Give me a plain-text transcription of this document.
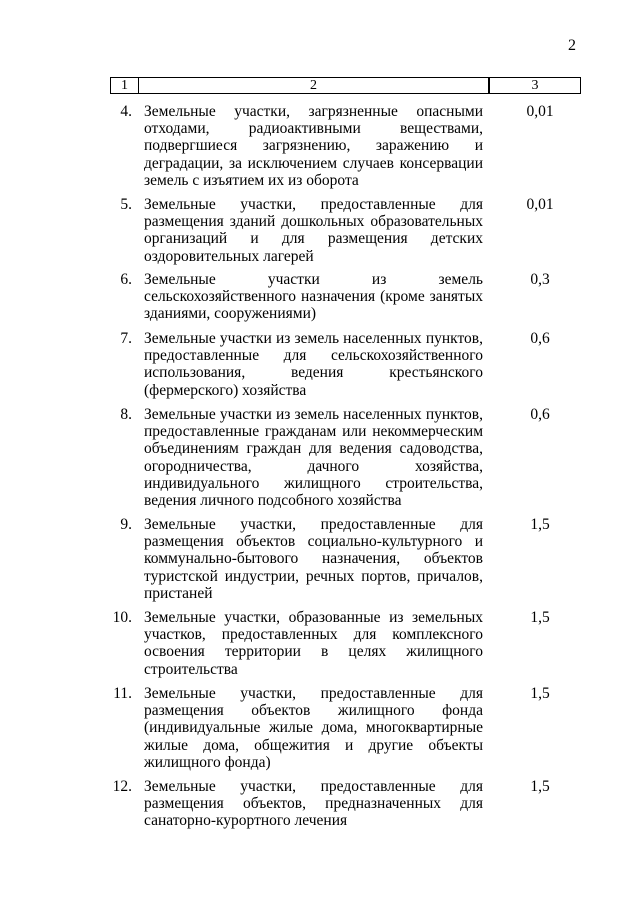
2
1	2	3
4. Земельные участки, загрязненные опасными отходами, радиоактивными веществами, подвергшиеся загрязнению, заражению и деградации, за исключением случаев консервации земель с изъятием их из оборота
0,01
5. Земельные участки, предоставленные для размещения зданий дошкольных образовательных организаций и для размещения детских оздоровительных лагерей
0,01
6. Земельные участки из земель сельскохозяйственного назначения (кроме занятых зданиями, сооружениями)
0,3
7. Земельные участки из земель населенных пунктов, предоставленные для сельскохозяйственного использования, ведения крестьянского (фермерского) хозяйства
0,6
8. Земельные участки из земель населенных пунктов, предоставленные гражданам или некоммерческим объединениям граждан для ведения садоводства, огородничества, дачного хозяйства, индивидуального жилищного строительства, ведения личного подсобного хозяйства
0,6
9. Земельные участки, предоставленные для размещения объектов социально-культурного и коммунально-бытового назначения, объектов туристской индустрии, речных портов, причалов, пристаней
1,5
10. Земельные участки, образованные из земельных участков, предоставленных для комплексного освоения территории в целях жилищного строительства
1,5
11. Земельные участки, предоставленные для размещения объектов жилищного фонда (индивидуальные жилые дома, многоквартирные жилые дома, общежития и другие объекты жилищного фонда)
1,5
12. Земельные участки, предоставленные для размещения объектов, предназначенных для санаторно-курортного лечения
1,5
